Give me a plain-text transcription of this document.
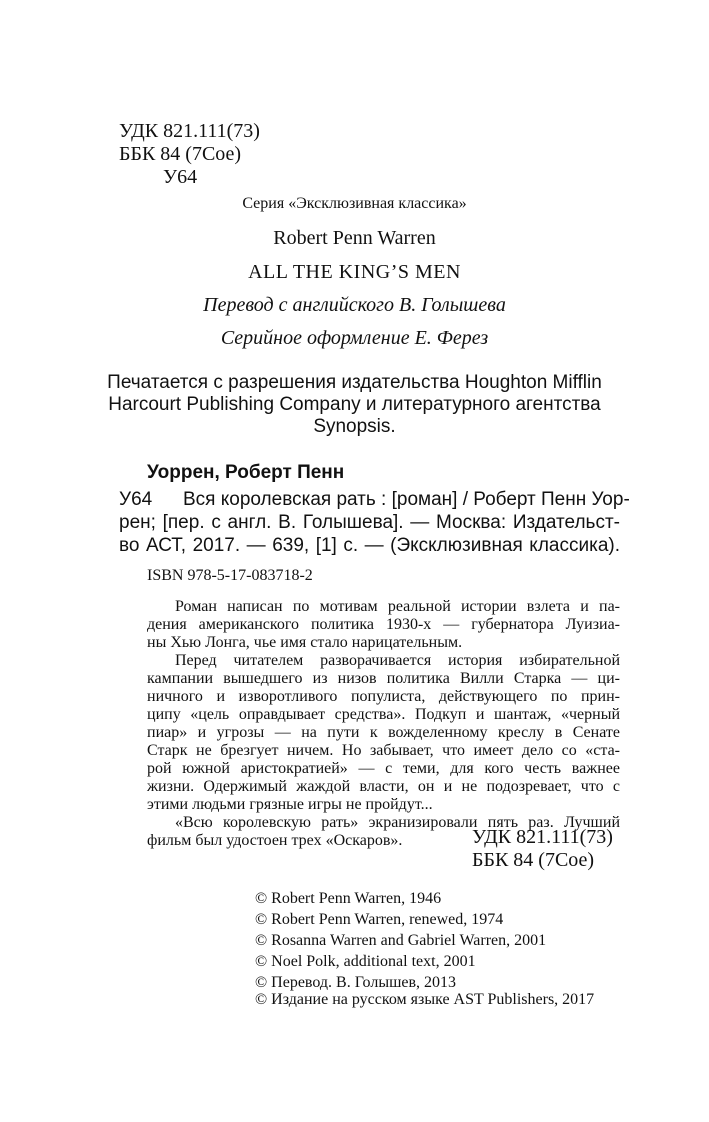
УДК 821.111(73)
ББК 84 (7Сое)
У64
Серия «Эксклюзивная классика»
Robert Penn Warren
ALL THE KING’S MEN
Перевод с английского В. Голышева
Серийное оформление Е. Ферез
Печатается с разрешения издательства Houghton Mifflin
Harcourt Publishing Company и литературного агентства
Synopsis.
Уоррен, Роберт Пенн
У64 Вся королевская рать : [роман] / Роберт Пенн Уор-
рен; [пер. с англ. В. Голышева]. — Москва: Издательст-
во АСТ, 2017. — 639, [1] с. — (Эксклюзивная классика).
ISBN 978-5-17-083718-2
Роман написан по мотивам реальной истории взлета и па-
дения американского политика 1930-х — губернатора Луизиа-
ны Хью Лонга, чье имя стало нарицательным.
Перед читателем разворачивается история избирательной
кампании вышедшего из низов политика Вилли Старка — ци-
ничного и изворотливого популиста, действующего по прин-
ципу «цель оправдывает средства». Подкуп и шантаж, «черный
пиар» и угрозы — на пути к вожделенному креслу в Сенате
Старк не брезгует ничем. Но забывает, что имеет дело со «ста-
рой южной аристократией» — с теми, для кого честь важнее
жизни. Одержимый жаждой власти, он и не подозревает, что с
этими людьми грязные игры не пройдут...
«Всю королевскую рать» экранизировали пять раз. Лучший
фильм был удостоен трех «Оскаров».	УДК 821.111(73)
ББК 84 (7Сое)
© Robert Penn Warren, 1946
© Robert Penn Warren, renewed, 1974
© Rosanna Warren and Gabriel Warren, 2001
© Noel Polk, additional text, 2001
© Перевод. В. Голышев, 2013
© Издание на русском языке AST Publishers, 2017
